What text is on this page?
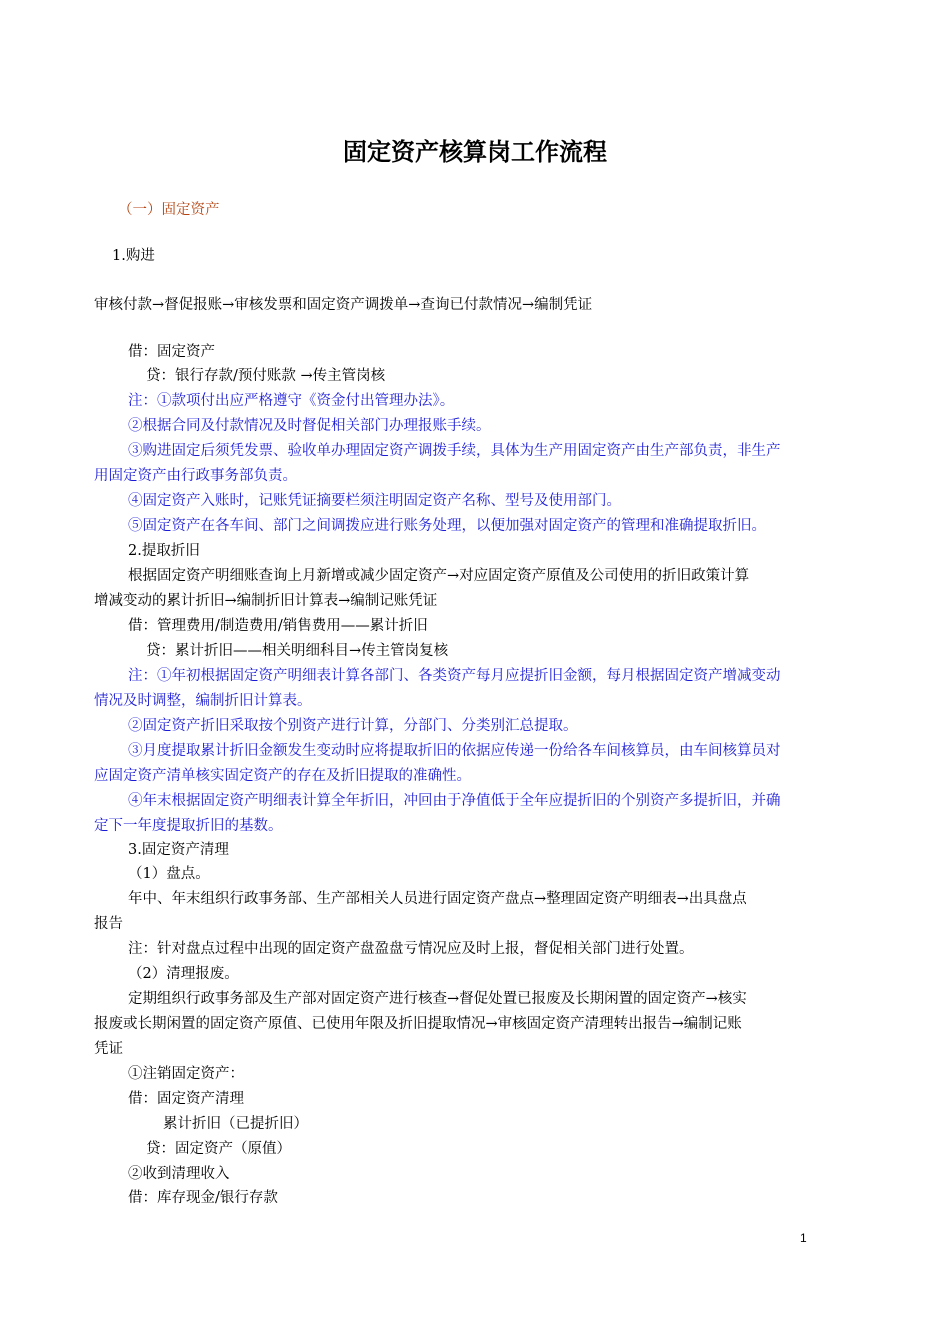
固定资产核算岗工作流程
（一）固定资产
1.购进
审核付款→督促报账→审核发票和固定资产调拨单→查询已付款情况→编制凭证
借：固定资产
贷：银行存款/预付账款 →传主管岗核
注：①款项付出应严格遵守《资金付出管理办法》。
②根据合同及付款情况及时督促相关部门办理报账手续。
③购进固定后须凭发票、验收单办理固定资产调拨手续，具体为生产用固定资产由生产部负责，非生产
用固定资产由行政事务部负责。
④固定资产入账时，记账凭证摘要栏须注明固定资产名称、型号及使用部门。
⑤固定资产在各车间、部门之间调拨应进行账务处理，以便加强对固定资产的管理和准确提取折旧。
2.提取折旧
根据固定资产明细账查询上月新增或减少固定资产→对应固定资产原值及公司使用的折旧政策计算
增减变动的累计折旧→编制折旧计算表→编制记账凭证
借：管理费用/制造费用/销售费用——累计折旧
贷：累计折旧——相关明细科目→传主管岗复核
注：①年初根据固定资产明细表计算各部门、各类资产每月应提折旧金额，每月根据固定资产增减变动
情况及时调整，编制折旧计算表。
②固定资产折旧采取按个别资产进行计算，分部门、分类别汇总提取。
③月度提取累计折旧金额发生变动时应将提取折旧的依据应传递一份给各车间核算员，由车间核算员对
应固定资产清单核实固定资产的存在及折旧提取的准确性。
④年末根据固定资产明细表计算全年折旧，冲回由于净值低于全年应提折旧的个别资产多提折旧，并确
定下一年度提取折旧的基数。
3.固定资产清理
（1）盘点。
年中、年末组织行政事务部、生产部相关人员进行固定资产盘点→整理固定资产明细表→出具盘点
报告
注：针对盘点过程中出现的固定资产盘盈盘亏情况应及时上报，督促相关部门进行处置。
（2）清理报废。
定期组织行政事务部及生产部对固定资产进行核查→督促处置已报废及长期闲置的固定资产→核实
报废或长期闲置的固定资产原值、已使用年限及折旧提取情况→审核固定资产清理转出报告→编制记账
凭证
①注销固定资产：
借：固定资产清理
累计折旧（已提折旧）
贷：固定资产（原值）
②收到清理收入
借：库存现金/银行存款
1
